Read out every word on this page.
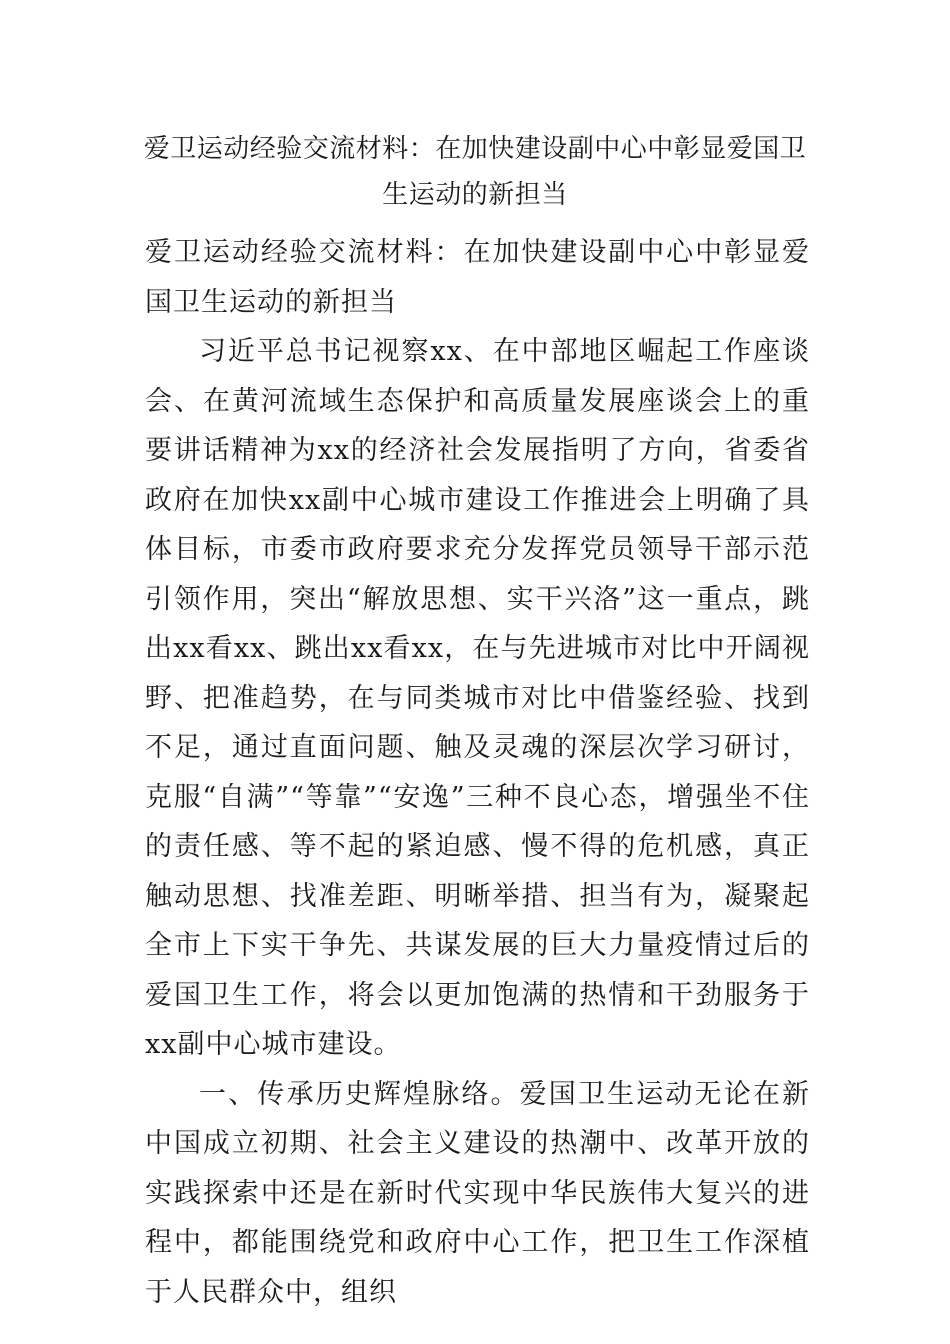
爱卫运动经验交流材料：在加快建设副中心中彰显爱国卫生运动的新担当

爱卫运动经验交流材料：在加快建设副中心中彰显爱国卫生运动的新担当

习近平总书记视察xx、在中部地区崛起工作座谈会、在黄河流域生态保护和高质量发展座谈会上的重要讲话精神为xx的经济社会发展指明了方向，省委省政府在加快xx副中心城市建设工作推进会上明确了具体目标，市委市政府要求充分发挥党员领导干部示范引领作用，突出“解放思想、实干兴洛”这一重点，跳出xx看xx、跳出xx看xx，在与先进城市对比中开阔视野、把准趋势，在与同类城市对比中借鉴经验、找到不足，通过直面问题、触及灵魂的深层次学习研讨，克服“自满”“等靠”“安逸”三种不良心态，增强坐不住的责任感、等不起的紧迫感、慢不得的危机感，真正触动思想、找准差距、明晰举措、担当有为，凝聚起全市上下实干争先、共谋发展的巨大力量疫情过后的爱国卫生工作，将会以更加饱满的热情和干劲服务于xx副中心城市建设。

一、传承历史辉煌脉络。爱国卫生运动无论在新中国成立初期、社会主义建设的热潮中、改革开放的实践探索中还是在新时代实现中华民族伟大复兴的进程中，都能围绕党和政府中心工作，把卫生工作深植于人民群众中，组织
